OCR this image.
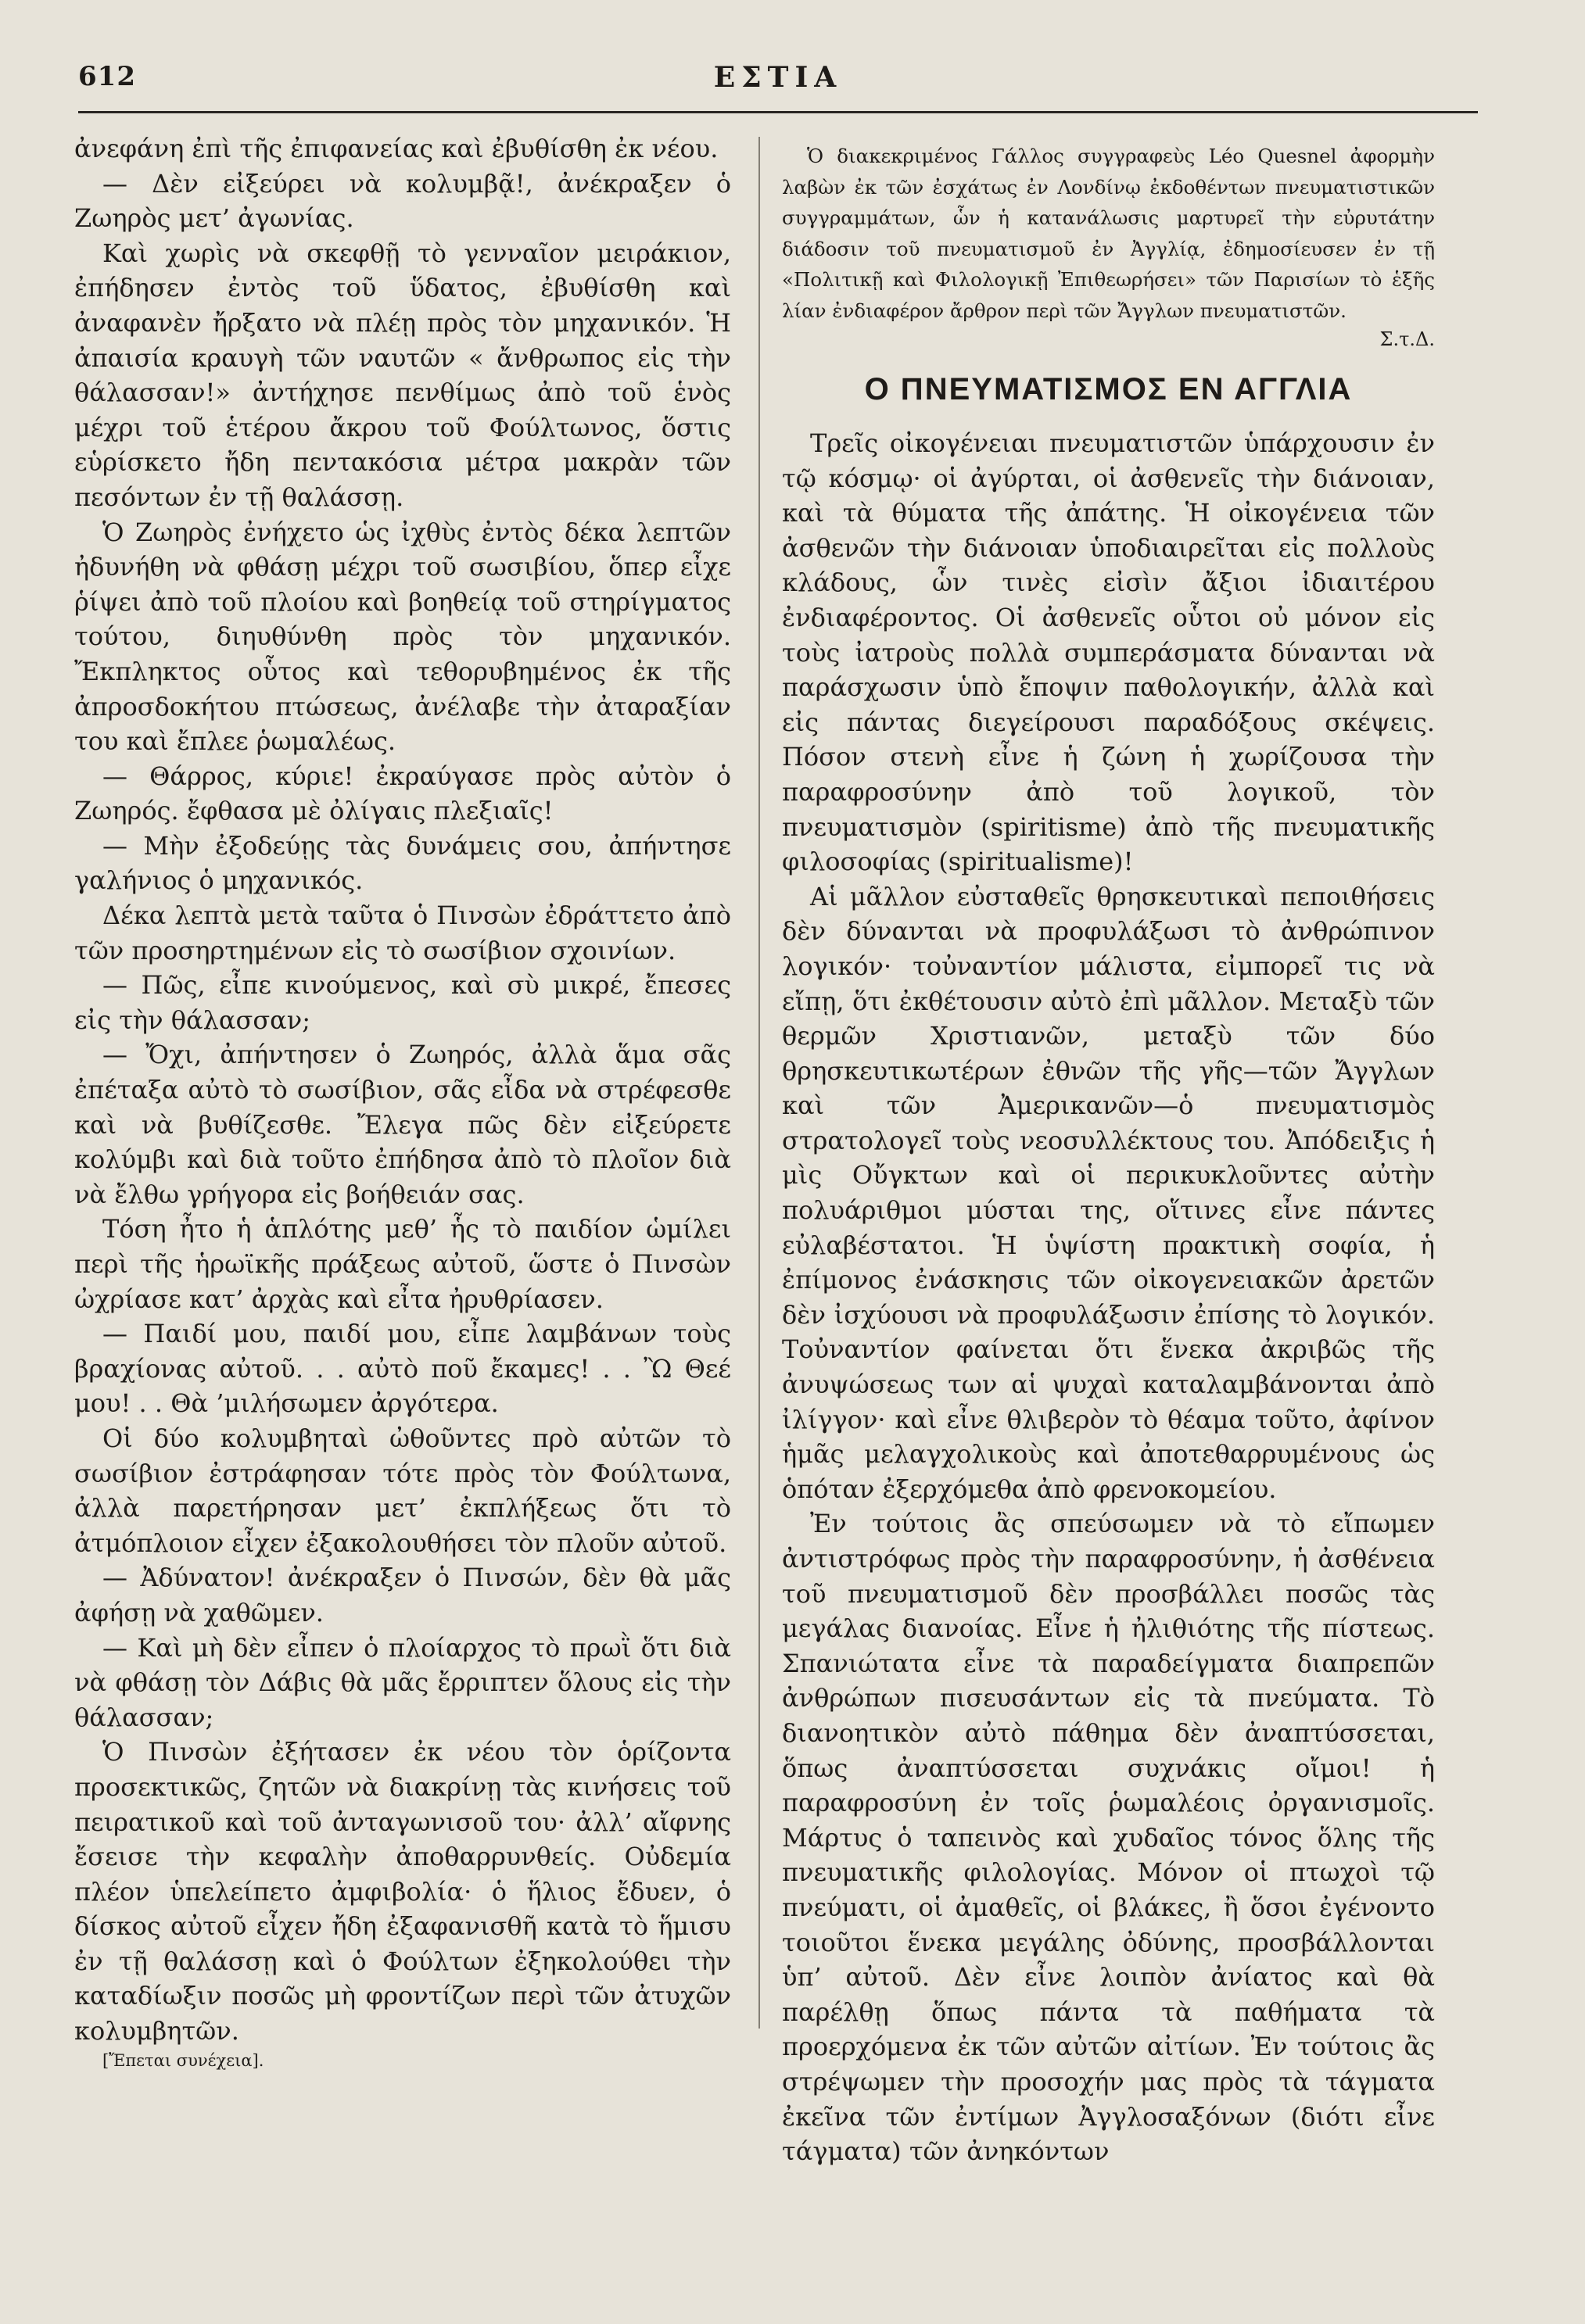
612	ΕΣΤΙΑ

ἀνεφάνη ἐπὶ τῆς ἐπιφανείας καὶ ἐβυθίσθη ἐκ νέου.

— Δὲν εἰξεύρει νὰ κολυμβᾷ!, ἀνέκραξεν ὁ Ζωηρὸς μετ’ ἀγωνίας.

Καὶ χωρὶς νὰ σκεφθῇ τὸ γενναῖον μειράκιον, ἐπήδησεν ἐντὸς τοῦ ὕδατος, ἐβυθίσθη καὶ ἀναφανὲν ἤρξατο νὰ πλέῃ πρὸς τὸν μηχανικόν. Ἡ ἀπαισία κραυγὴ τῶν ναυτῶν « ἄνθρωπος εἰς τὴν θάλασσαν!» ἀντήχησε πενθίμως ἀπὸ τοῦ ἑνὸς μέχρι τοῦ ἑτέρου ἄκρου τοῦ Φούλτωνος, ὅστις εὑρίσκετο ἤδη πεντακόσια μέτρα μακρὰν τῶν πεσόντων ἐν τῇ θαλάσσῃ.

Ὁ Ζωηρὸς ἐνήχετο ὡς ἰχθὺς ἐντὸς δέκα λεπτῶν ἠδυνήθη νὰ φθάσῃ μέχρι τοῦ σωσιβίου, ὅπερ εἶχε ῥίψει ἀπὸ τοῦ πλοίου καὶ βοηθείᾳ τοῦ στηρίγματος τούτου, διηυθύνθη πρὸς τὸν μηχανικόν. Ἔκπληκτος οὗτος καὶ τεθορυβημένος ἐκ τῆς ἀπροσδοκήτου πτώσεως, ἀνέλαβε τὴν ἀταραξίαν του καὶ ἔπλεε ῥωμαλέως.

— Θάρρος, κύριε! ἐκραύγασε πρὸς αὐτὸν ὁ Ζωηρός. ἔφθασα μὲ ὀλίγαις πλεξιαῖς!

— Μὴν ἐξοδεύῃς τὰς δυνάμεις σου, ἀπήντησε γαλήνιος ὁ μηχανικός.

Δέκα λεπτὰ μετὰ ταῦτα ὁ Πινσὼν ἐδράττετο ἀπὸ τῶν προσηρτημένων εἰς τὸ σωσίβιον σχοινίων.

— Πῶς, εἶπε κινούμενος, καὶ σὺ μικρέ, ἔπεσες εἰς τὴν θάλασσαν;

— Ὄχι, ἀπήντησεν ὁ Ζωηρός, ἀλλὰ ἅμα σᾶς ἐπέταξα αὐτὸ τὸ σωσίβιον, σᾶς εἶδα νὰ στρέφεσθε καὶ νὰ βυθίζεσθε. Ἔλεγα πῶς δὲν εἰξεύρετε κολύμβι καὶ διὰ τοῦτο ἐπήδησα ἀπὸ τὸ πλοῖον διὰ νὰ ἔλθω γρήγορα εἰς βοήθειάν σας.

Τόση ἦτο ἡ ἁπλότης μεθ’ ἧς τὸ παιδίον ὡμίλει περὶ τῆς ἡρωϊκῆς πράξεως αὐτοῦ, ὥστε ὁ Πινσὼν ὠχρίασε κατ’ ἀρχὰς καὶ εἶτα ἠρυθρίασεν.

— Παιδί μου, παιδί μου, εἶπε λαμβάνων τοὺς βραχίονας αὐτοῦ. . . αὐτὸ ποῦ ἔκαμες! . . Ὢ Θεέ μου! . . Θὰ ’μιλήσωμεν ἀργότερα.

Οἱ δύο κολυμβηταὶ ὠθοῦντες πρὸ αὐτῶν τὸ σωσίβιον ἐστράφησαν τότε πρὸς τὸν Φούλτωνα, ἀλλὰ παρετήρησαν μετ’ ἐκπλήξεως ὅτι τὸ ἀτμόπλοιον εἶχεν ἐξακολουθήσει τὸν πλοῦν αὐτοῦ.

— Ἀδύνατον! ἀνέκραξεν ὁ Πινσών, δὲν θὰ μᾶς ἀφήσῃ νὰ χαθῶμεν.

— Καὶ μὴ δὲν εἶπεν ὁ πλοίαρχος τὸ πρωῒ ὅτι διὰ νὰ φθάσῃ τὸν Δάβις θὰ μᾶς ἔρριπτεν ὅλους εἰς τὴν θάλασσαν;

Ὁ Πινσὼν ἐξήτασεν ἐκ νέου τὸν ὁρίζοντα προσεκτικῶς, ζητῶν νὰ διακρίνῃ τὰς κινήσεις τοῦ πειρατικοῦ καὶ τοῦ ἀνταγωνισοῦ του· ἀλλ’ αἴφνης ἔσεισε τὴν κεφαλὴν ἀποθαρρυνθείς. Οὐδεμία πλέον ὑπελείπετο ἀμφιβολία· ὁ ἥλιος ἔδυεν, ὁ δίσκος αὐτοῦ εἶχεν ἤδη ἐξαφανισθῆ κατὰ τὸ ἥμισυ ἐν τῇ θαλάσσῃ καὶ ὁ Φούλτων ἐξηκολούθει τὴν καταδίωξιν ποσῶς μὴ φροντίζων περὶ τῶν ἀτυχῶν κολυμβητῶν.

[Ἔπεται συνέχεια].

Ὁ διακεκριμένος Γάλλος συγγραφεὺς Léo Quesnel ἀφορμὴν λαβὼν ἐκ τῶν ἐσχάτως ἐν Λονδίνῳ ἐκδοθέντων πνευματιστικῶν συγγραμμάτων, ὧν ἡ κατανάλωσις μαρτυρεῖ τὴν εὐρυτάτην διάδοσιν τοῦ πνευματισμοῦ ἐν Ἀγγλίᾳ, ἐδημοσίευσεν ἐν τῇ «Πολιτικῇ καὶ Φιλολογικῇ Ἐπιθεωρήσει» τῶν Παρισίων τὸ ἑξῆς λίαν ἐνδιαφέρον ἄρθρον περὶ τῶν Ἄγγλων πνευματιστῶν.

Σ.τ.Δ.
Ο ΠΝΕΥΜΑΤΙΣΜΟΣ ΕΝ ΑΓΓΛΙΑ

Τρεῖς οἰκογένειαι πνευματιστῶν ὑπάρχουσιν ἐν τῷ κόσμῳ· οἱ ἀγύρται, οἱ ἀσθενεῖς τὴν διάνοιαν, καὶ τὰ θύματα τῆς ἀπάτης. Ἡ οἰκογένεια τῶν ἀσθενῶν τὴν διάνοιαν ὑποδιαιρεῖται εἰς πολλοὺς κλάδους, ὧν τινὲς εἰσὶν ἄξιοι ἰδιαιτέρου ἐνδιαφέροντος. Οἱ ἀσθενεῖς οὗτοι οὐ μόνον εἰς τοὺς ἰατροὺς πολλὰ συμπεράσματα δύνανται νὰ παράσχωσιν ὑπὸ ἔποψιν παθολογικήν, ἀλλὰ καὶ εἰς πάντας διεγείρουσι παραδόξους σκέψεις. Πόσον στενὴ εἶνε ἡ ζώνη ἡ χωρίζουσα τὴν παραφροσύνην ἀπὸ τοῦ λογικοῦ, τὸν πνευματισμὸν (spiritisme) ἀπὸ τῆς πνευματικῆς φιλοσοφίας (spiritualisme)!

Αἱ μᾶλλον εὐσταθεῖς θρησκευτικαὶ πεποιθήσεις δὲν δύνανται νὰ προφυλάξωσι τὸ ἀνθρώπινον λογικόν· τοὐναντίον μάλιστα, εἰμπορεῖ τις νὰ εἴπῃ, ὅτι ἐκθέτουσιν αὐτὸ ἐπὶ μᾶλλον. Μεταξὺ τῶν θερμῶν Χριστιανῶν, μεταξὺ τῶν δύο θρησκευτικωτέρων ἐθνῶν τῆς γῆς—τῶν Ἄγγλων καὶ τῶν Ἀμερικανῶν—ὁ πνευματισμὸς στρατολογεῖ τοὺς νεοσυλλέκτους του. Ἀπόδειξις ἡ μὶς Οὔγκτων καὶ οἱ περικυκλοῦντες αὐτὴν πολυάριθμοι μύσται της, οἵτινες εἶνε πάντες εὐλαβέστατοι. Ἡ ὑψίστη πρακτικὴ σοφία, ἡ ἐπίμονος ἐνάσκησις τῶν οἰκογενειακῶν ἀρετῶν δὲν ἰσχύουσι νὰ προφυλάξωσιν ἐπίσης τὸ λογικόν. Τοὐναντίον φαίνεται ὅτι ἕνεκα ἀκριβῶς τῆς ἀνυψώσεως των αἱ ψυχαὶ καταλαμβάνονται ἀπὸ ἰλίγγον· καὶ εἶνε θλιβερὸν τὸ θέαμα τοῦτο, ἀφίνον ἡμᾶς μελαγχολικοὺς καὶ ἀποτεθαρρυμένους ὡς ὁπόταν ἐξερχόμεθα ἀπὸ φρενοκομείου.

Ἐν τούτοις ἂς σπεύσωμεν νὰ τὸ εἴπωμεν ἀντιστρόφως πρὸς τὴν παραφροσύνην, ἡ ἀσθένεια τοῦ πνευματισμοῦ δὲν προσβάλλει ποσῶς τὰς μεγάλας διανοίας. Εἶνε ἡ ἠλιθιότης τῆς πίστεως. Σπανιώτατα εἶνε τὰ παραδείγματα διαπρεπῶν ἀνθρώπων πισευσάντων εἰς τὰ πνεύματα. Τὸ διανοητικὸν αὐτὸ πάθημα δὲν ἀναπτύσσεται, ὅπως ἀναπτύσσεται συχνάκις οἴμοι! ἡ παραφροσύνη ἐν τοῖς ῥωμαλέοις ὀργανισμοῖς. Μάρτυς ὁ ταπεινὸς καὶ χυδαῖος τόνος ὅλης τῆς πνευματικῆς φιλολογίας. Μόνον οἱ πτωχοὶ τῷ πνεύματι, οἱ ἀμαθεῖς, οἱ βλάκες, ἢ ὅσοι ἐγένοντο τοιοῦτοι ἕνεκα μεγάλης ὀδύνης, προσβάλλονται ὑπ’ αὐτοῦ. Δὲν εἶνε λοιπὸν ἀνίατος καὶ θὰ παρέλθῃ ὅπως πάντα τὰ παθήματα τὰ προερχόμενα ἐκ τῶν αὐτῶν αἰτίων. Ἐν τούτοις ἂς στρέψωμεν τὴν προσοχήν μας πρὸς τὰ τάγματα ἐκεῖνα τῶν ἐντίμων Ἀγγλοσαξόνων (διότι εἶνε τάγματα) τῶν ἀνηκόντων
